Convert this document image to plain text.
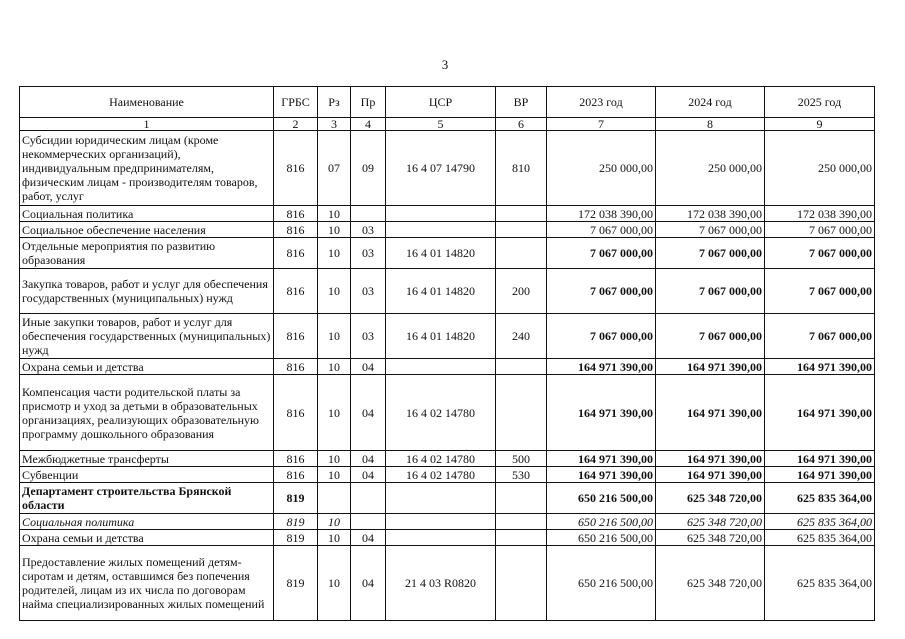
3
Наименование	ГРБС	Рз	Пр	ЦСР	ВР	2023 год	2024 год	2025 год
1	2	3	4	5	6	7	8	9
Субсидии юридическим лицам (кроме некоммерческих организаций), индивидуальным предпринимателям, физическим лицам - производителям товаров, работ, услуг	816	07	09	16 4 07 14790	810	250 000,00	250 000,00	250 000,00
Социальная политика	816	10				172 038 390,00	172 038 390,00	172 038 390,00
Социальное обеспечение населения	816	10	03			7 067 000,00	7 067 000,00	7 067 000,00
Отдельные мероприятия по развитию образования	816	10	03	16 4 01 14820		7 067 000,00	7 067 000,00	7 067 000,00
Закупка товаров, работ и услуг для обеспечения государственных (муниципальных) нужд	816	10	03	16 4 01 14820	200	7 067 000,00	7 067 000,00	7 067 000,00
Иные закупки товаров, работ и услуг для обеспечения государственных (муниципальных) нужд	816	10	03	16 4 01 14820	240	7 067 000,00	7 067 000,00	7 067 000,00
Охрана семьи и детства	816	10	04			164 971 390,00	164 971 390,00	164 971 390,00
Компенсация части родительской платы за присмотр и уход за детьми в образовательных организациях, реализующих образовательную программу дошкольного образования	816	10	04	16 4 02 14780		164 971 390,00	164 971 390,00	164 971 390,00
Межбюджетные трансферты	816	10	04	16 4 02 14780	500	164 971 390,00	164 971 390,00	164 971 390,00
Субвенции	816	10	04	16 4 02 14780	530	164 971 390,00	164 971 390,00	164 971 390,00
Департамент строительства Брянской области	819					650 216 500,00	625 348 720,00	625 835 364,00
Социальная политика	819	10				650 216 500,00	625 348 720,00	625 835 364,00
Охрана семьи и детства	819	10	04			650 216 500,00	625 348 720,00	625 835 364,00
Предоставление жилых помещений детям-сиротам и детям, оставшимся без попечения родителей, лицам из их числа по договорам найма специализированных жилых помещений	819	10	04	21 4 03 R0820		650 216 500,00	625 348 720,00	625 835 364,00
